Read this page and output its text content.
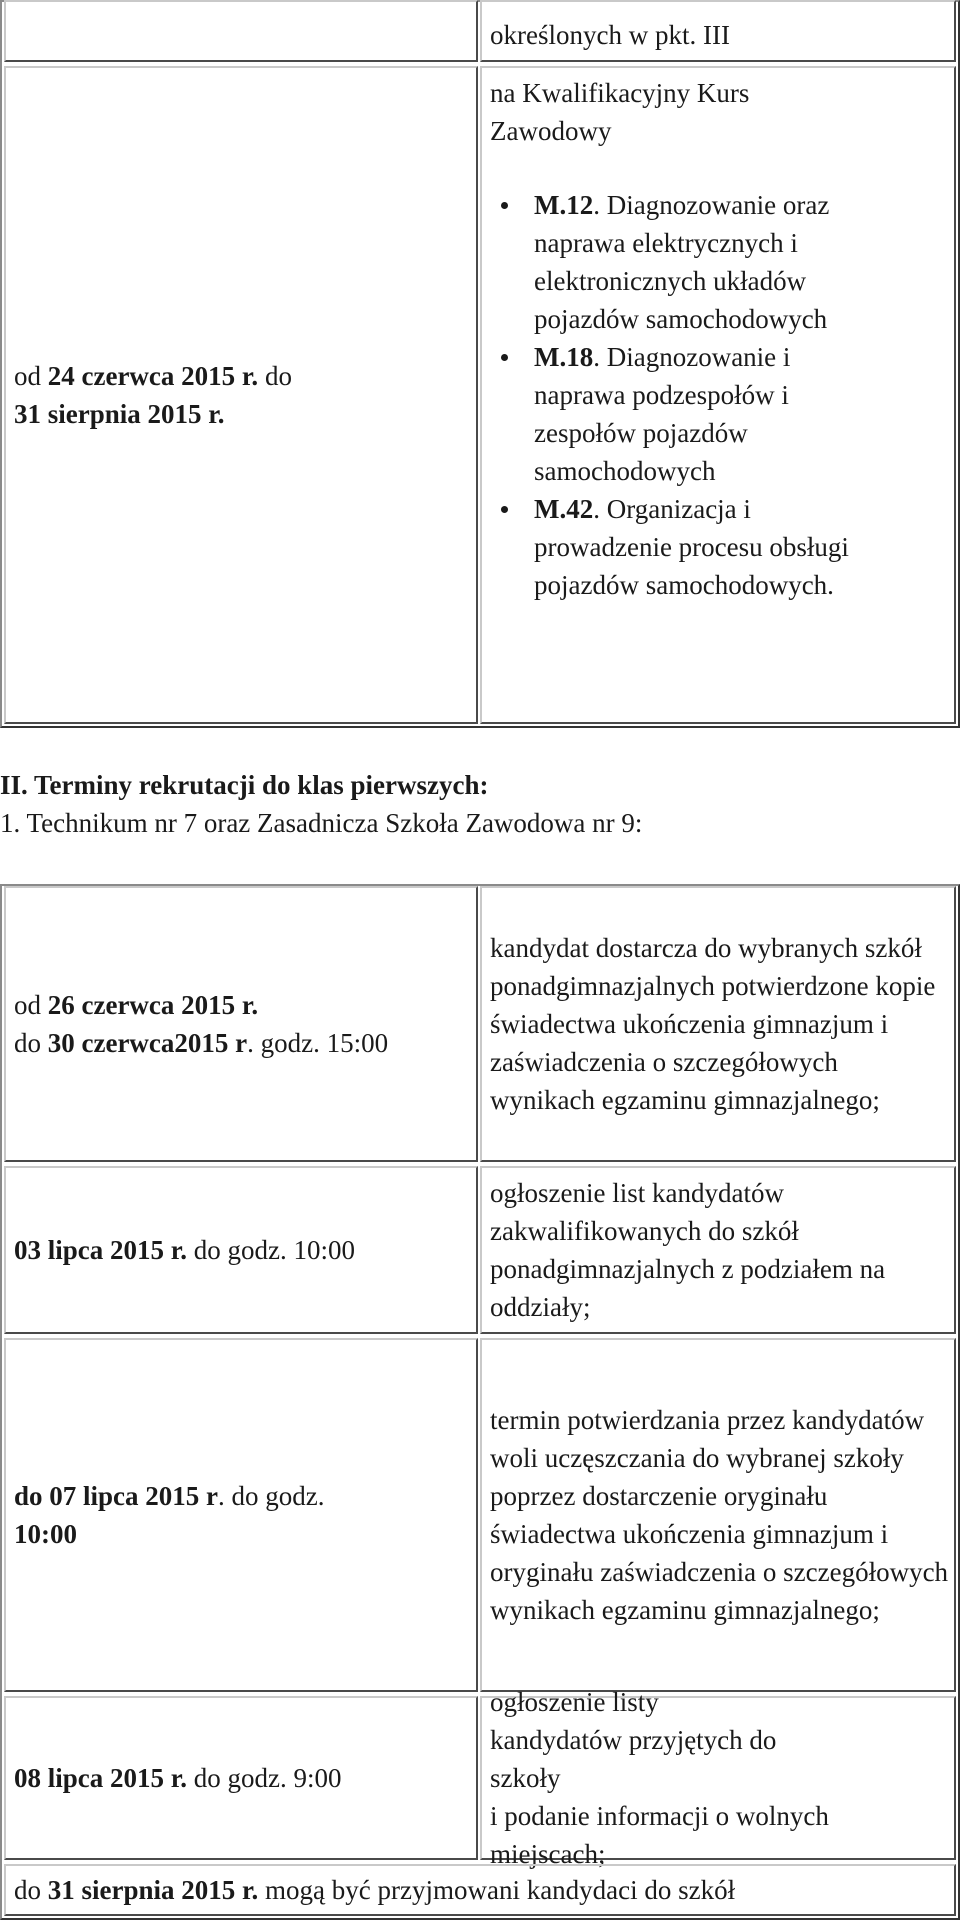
określonych w pkt. III
od 24 czerwca 2015 r. do
31 sierpnia 2015 r.
na Kwalifikacyjny Kurs Zawodowy
M.12. Diagnozowanie oraz naprawa elektrycznych i elektronicznych układów pojazdów samochodowych
M.18. Diagnozowanie i naprawa podzespołów i zespołów pojazdów samochodowych
M.42. Organizacja i prowadzenie procesu obsługi pojazdów samochodowych.
II. Terminy rekrutacji do klas pierwszych:
1. Technikum nr 7 oraz Zasadnicza Szkoła Zawodowa nr 9:
od 26 czerwca 2015 r.
do 30 czerwca2015 r. godz. 15:00
kandydat dostarcza do wybranych szkół ponadgimnazjalnych potwierdzone kopie świadectwa ukończenia gimnazjum i zaświadczenia o szczegółowych wynikach egzaminu gimnazjalnego;
03 lipca 2015 r. do godz. 10:00
ogłoszenie list kandydatów zakwalifikowanych do szkół ponadgimnazjalnych z podziałem na oddziały;
do 07 lipca 2015 r. do godz.
10:00
termin potwierdzania przez kandydatów woli uczęszczania do wybranej szkoły poprzez dostarczenie oryginału świadectwa ukończenia gimnazjum i oryginału zaświadczenia o szczegółowych wynikach egzaminu gimnazjalnego;
08 lipca 2015 r. do godz. 9:00
ogłoszenie listy kandydatów przyjętych do szkoły
i podanie informacji o wolnych miejscach;
do 31 sierpnia 2015 r. mogą być przyjmowani kandydaci do szkół
